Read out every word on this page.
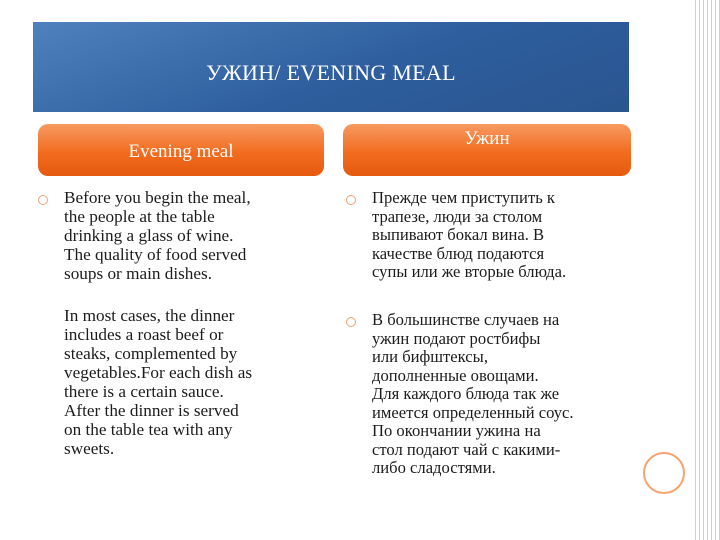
УЖИН/ EVENING MEAL
Evening meal
Ужин

Before you begin the meal,
the people at the table
drinking a glass of wine.
The quality of food served
soups or main dishes.

In most cases, the dinner
includes a roast beef or
steaks, complemented by
vegetables.For each dish as
there is a certain sauce.
After the dinner is served
on the table tea with any
sweets.

Прежде чем приступить к
трапезе, люди за столом
выпивают бокал вина. В
качестве блюд подаются
супы или же вторые блюда.

В большинстве случаев на
ужин подают ростбифы
или бифштексы,
дополненные овощами.
Для каждого блюда так же
имеется определенный соус.
По окончании ужина на
стол подают чай с какими-
либо сладостями.
